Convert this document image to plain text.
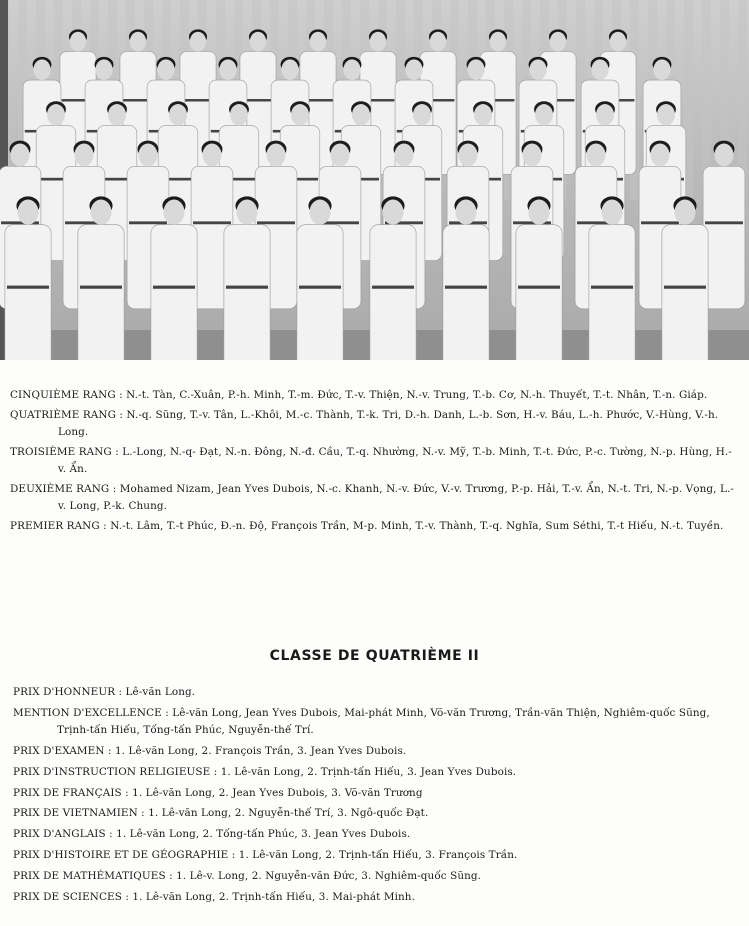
CINQUIÈME RANG : N.-t. Tàn, C.-Xuân, P.-h. Minh, T.-m. Đức, T.-v. Thiện, N.-v. Trung, T.-b. Cơ, N.-h. Thuyết, T.-t. Nhân, T.-n. Giáp.
QUATRIÈME RANG : N.-q. Sũng, T.-v. Tân, L.-Khôi, M.-c. Thành, T.-k. Tri, D.-h. Danh, L.-b. Sơn, H.-v. Báu, L.-h. Phước, V.-Hùng, V.-h. Long.
TROISIÈME RANG : L.-Long, N.-q- Đạt, N.-n. Đông, N.-đ. Cầu, T.-q. Nhường, N.-v. Mỹ, T.-b. Minh, T.-t. Đức, P.-c. Tường, N.-p. Hùng, H.-v. Ẩn.
DEUXIÈME RANG : Mohamed Nizam, Jean Yves Dubois, N.-c. Khanh, N.-v. Đức, V.-v. Trương, P.-p. Hải, T.-v. Ẩn, N.-t. Tri, N.-p. Vọng, L.-v. Long, P.-k. Chung.
PREMIER RANG : N.-t. Lâm, T.-t Phúc, Đ.-n. Độ, François Trần, M-p. Minh, T.-v. Thành, T.-q. Nghĩa, Sum Séthi, T.-t Hiếu, N.-t. Tuyền.
CLASSE DE QUATRIÈME II
PRIX D'HONNEUR : Lê-văn Long.
MENTION D'EXCELLENCE : Lê-văn Long, Jean Yves Dubois, Mai-phát Minh, Võ-văn Trương, Trần-văn Thiện, Nghiêm-quốc Sũng, Trịnh-tấn Hiếu, Tống-tấn Phúc, Nguyễn-thế Trí.
PRIX D'EXAMEN : 1. Lê-văn Long, 2. François Trần, 3. Jean Yves Dubois.
PRIX D'INSTRUCTION RELIGIEUSE : 1. Lê-văn Long, 2. Trịnh-tấn Hiếu, 3. Jean Yves Dubois.
PRIX DE FRANÇAIS : 1. Lê-văn Long, 2. Jean Yves Dubois, 3. Võ-văn Trương
PRIX DE VIETNAMIEN : 1. Lê-văn Long, 2. Nguyễn-thế Trí, 3. Ngô-quốc Đạt.
PRIX D'ANGLAIS : 1. Lê-văn Long, 2. Tống-tấn Phúc, 3. Jean Yves Dubois.
PRIX D'HISTOIRE ET DE GÉOGRAPHIE : 1. Lê-văn Long, 2. Trịnh-tấn Hiếu, 3. François Trần.
PRIX DE MATHÉMATIQUES : 1. Lê-v. Long, 2. Nguyễn-văn Đức, 3. Nghiêm-quốc Sũng.
PRIX DE SCIENCES : 1. Lê-văn Long, 2. Trịnh-tấn Hiếu, 3. Mai-phát Minh.
